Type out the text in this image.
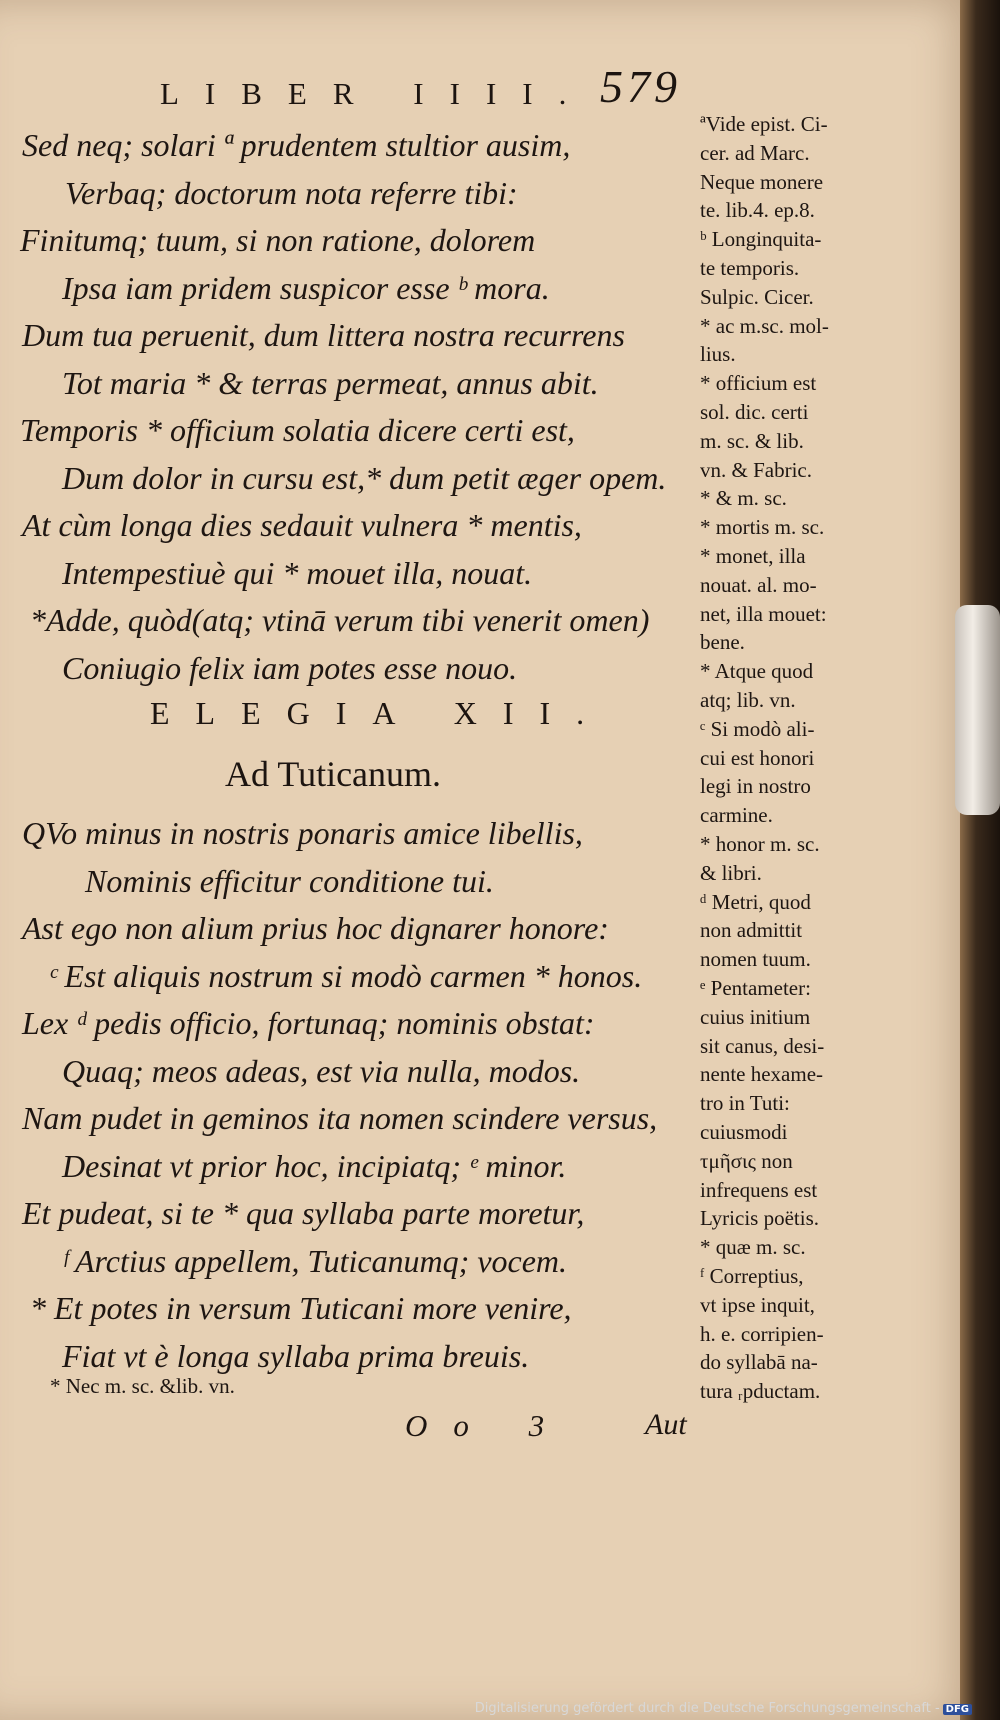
LIBER IIII. 579
Sed neq; solari ª prudentem stultior ausim,
Verbaq; doctorum nota referre tibi:
Finitumq; tuum, si non ratione, dolorem
Ipsa iam pridem suspicor esse ᵇ mora.
Dum tua peruenit, dum littera nostra recurrens
Tot maria * & terras permeat, annus abit.
Temporis * officium solatia dicere certi est,
Dum dolor in cursu est,* dum petit æger opem.
At cùm longa dies sedauit vulnera * mentis,
Intempestiuè qui * mouet illa, nouat.
*Adde, quòd(atq; vtinā verum tibi venerit omen)
Coniugio felix iam potes esse nouo.
ELEGIA XII.
Ad Tuticanum.
QVo minus in nostris ponaris amice libellis,
Nominis efficitur conditione tui.
Ast ego non alium prius hoc dignarer honore:
ᶜ Est aliquis nostrum si modò carmen * honos.
Lex ᵈ pedis officio, fortunaq; nominis obstat:
Quaq; meos adeas, est via nulla, modos.
Nam pudet in geminos ita nomen scindere versus,
Desinat vt prior hoc, incipiatq; ᵉ minor.
Et pudeat, si te * qua syllaba parte moretur,
ᶠ Arctius appellem, Tuticanumq; vocem.
* Et potes in versum Tuticani more venire,
Fiat vt è longa syllaba prima breuis.
ªVide epist. Ci-
cer. ad Marc.
Neque monere
te. lib.4. ep.8.
ᵇ Longinquita-
te temporis.
Sulpic. Cicer.
* ac m.sc. mol-
lius.
* officium est
sol. dic. certi
m. sc. & lib.
vn. & Fabric.
* & m. sc.
* mortis m. sc.
* monet, illa
nouat. al. mo-
net, illa mouet:
bene.
* Atque quod
atq; lib. vn.
ᶜ Si modò ali-
cui est honori
legi in nostro
carmine.
* honor m. sc.
& libri.
ᵈ Metri, quod
non admittit
nomen tuum.
ᵉ Pentameter:
cuius initium
sit canus, desi-
nente hexame-
tro in Tuti:
cuiusmodi
τμῆσις non
infrequens est
Lyricis poëtis.
* quæ m. sc.
ᶠ Correptius,
vt ipse inquit,
h. e. corripien-
do syllabā na-
tura ᵣpductam.
* Nec m. sc. &lib. vn.
Oo 3 Aut
Digitalisierung gefördert durch die Deutsche Forschungsgemeinschaft - DFG
